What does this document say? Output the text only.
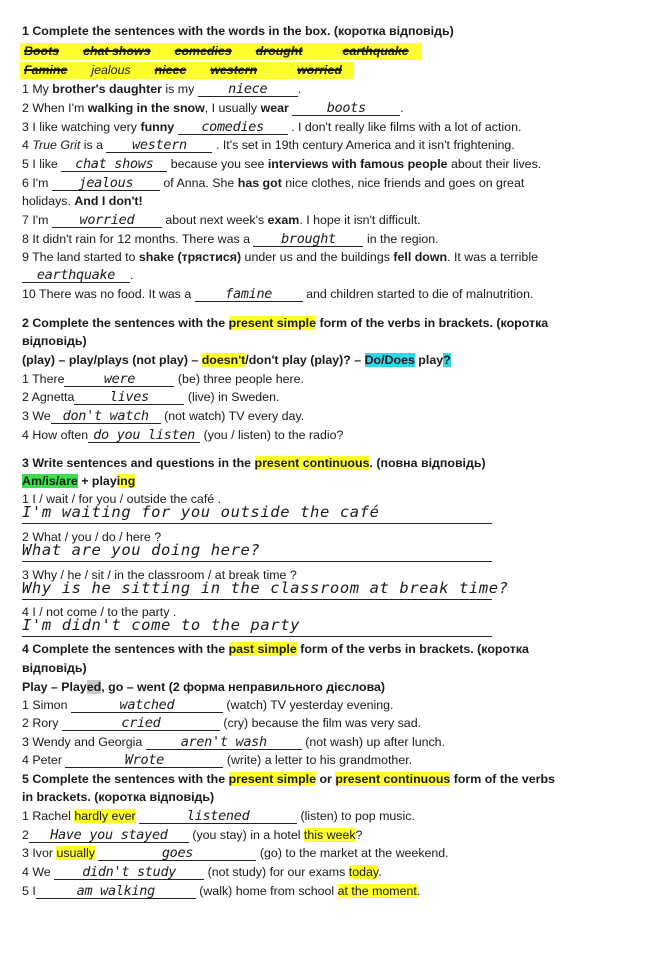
1 Complete the sentences with the words in the box. (коротка відповідь)
Boots chat shows comedies drought	earthquake
Famine jealous niece western	worried
1 My brother's daughter is my niece .
2 When I'm walking in the snow, I usually wear	boots	.
3 I like watching very funny comedies . I don't really like films with a lot of action.
4 True Grit is a western . It's set in 19th century America and it isn't frightening.
5 I like chat shows because you see interviews with famous people about their lives.
6 I'm jealous of Anna. She has got nice clothes, nice friends and goes on great
holidays. And I don't!
7 I'm worried	about next week's exam. I hope it isn't difficult.
8 It didn't rain for 12 months. There was a brought	in the region.
9 The land started to shake (трястися) under us and the buildings fell down. It was a terrible
earthquake .
10 There was no food. It was a famine	and children started to die of malnutrition.
2 Complete the sentences with the present simple form of the verbs in brackets. (коротка
відповідь)
(play) – play/plays (not play) – doesn't/don't play (play)? – Do/Does play?
1 There	were	(be) three people here.
2 Agnetta	lives	(live) in Sweden.
3 We don't watch (not watch) TV every day.
4 How often do you listen (you / listen) to the radio?
3 Write sentences and questions in the present continuous. (повна відповідь)
Am/is/are + playing
1 I / wait / for you / outside the café .
I'm waiting for you outside the café
2 What / you / do / here ?
What are you doing here?
3 Why / he / sit / in the classroom / at break time ?
Why is he sitting in the classroom at break time?
4 I / not come / to the party .
I'm didn't come to the party
4 Complete the sentences with the past simple form of the verbs in brackets. (коротка
відповідь)
Play – Played, go – went (2 форма неправильного дієслова)
1 Simon	watched	(watch) TV yesterday evening.
2 Rory	cried	(cry) because the film was very sad.
3 Wendy and Georgia	aren't wash	(not wash) up after lunch.
4 Peter	Wrote	(write) a letter to his grandmother.
5 Complete the sentences with the present simple or present continuous form of the verbs
in brackets. (коротка відповідь)
1 Rachel hardly ever	listened	(listen) to pop music.
2 Have you stayed (you stay) in a hotel this week?
3 Ivor usually	goes	(go) to the market at the weekend.
4 We didn't study (not study) for our exams today.
5 I	am walking	(walk) home from school at the moment.
